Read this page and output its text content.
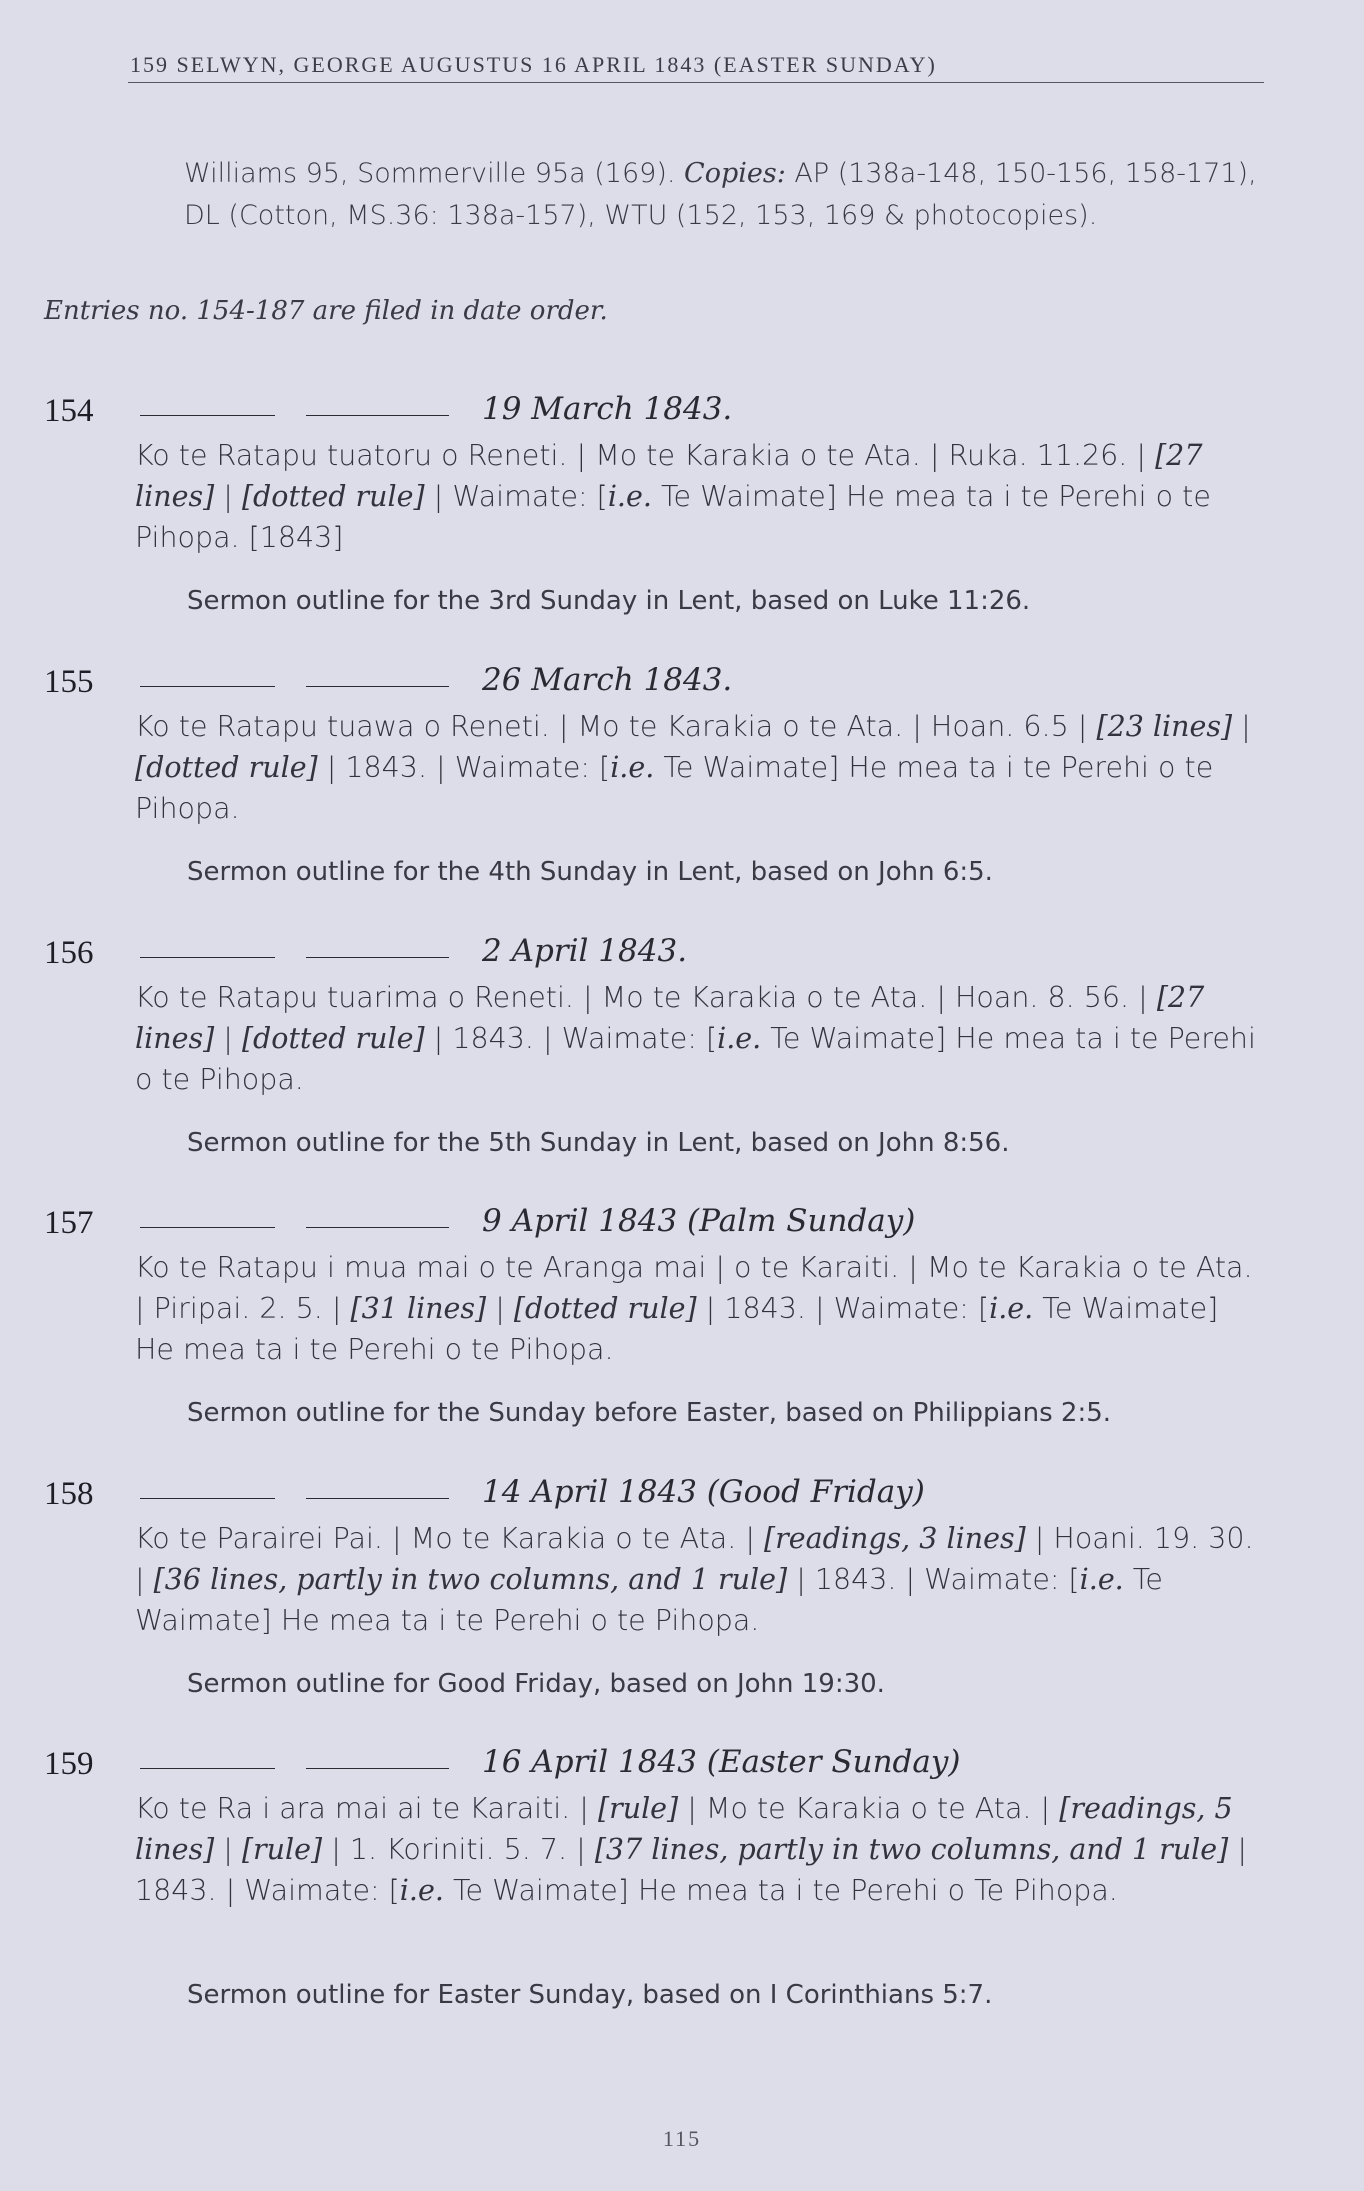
159 SELWYN, GEORGE AUGUSTUS 16 APRIL 1843 (EASTER SUNDAY)
Williams 95, Sommerville 95a (169). Copies: AP (138a-148, 150-156, 158-171), DL (Cotton, MS.36: 138a-157), WTU (152, 153, 169 & photocopies).
Entries no. 154-187 are filed in date order.
154	19 March 1843.
Ko te Ratapu tuatoru o Reneti. | Mo te Karakia o te Ata. | Ruka. 11.26. | [27 lines] | [dotted rule] | Waimate: [i.e. Te Waimate] He mea ta i te Perehi o te Pihopa. [1843]
Sermon outline for the 3rd Sunday in Lent, based on Luke 11:26.
155	26 March 1843.
Ko te Ratapu tuawa o Reneti. | Mo te Karakia o te Ata. | Hoan. 6.5 | [23 lines] | [dotted rule] | 1843. | Waimate: [i.e. Te Waimate] He mea ta i te Perehi o te Pihopa.
Sermon outline for the 4th Sunday in Lent, based on John 6:5.
156	2 April 1843.
Ko te Ratapu tuarima o Reneti. | Mo te Karakia o te Ata. | Hoan. 8. 56. | [27 lines] | [dotted rule] | 1843. | Waimate: [i.e. Te Waimate] He mea ta i te Perehi o te Pihopa.
Sermon outline for the 5th Sunday in Lent, based on John 8:56.
157	9 April 1843 (Palm Sunday)
Ko te Ratapu i mua mai o te Aranga mai | o te Karaiti. | Mo te Karakia o te Ata. | Piripai. 2. 5. | [31 lines] | [dotted rule] | 1843. | Waimate: [i.e. Te Waimate] He mea ta i te Perehi o te Pihopa.
Sermon outline for the Sunday before Easter, based on Philippians 2:5.
158	14 April 1843 (Good Friday)
Ko te Parairei Pai. | Mo te Karakia o te Ata. | [readings, 3 lines] | Hoani. 19. 30. | [36 lines, partly in two columns, and 1 rule] | 1843. | Waimate: [i.e. Te Waimate] He mea ta i te Perehi o te Pihopa.
Sermon outline for Good Friday, based on John 19:30.
159	16 April 1843 (Easter Sunday)
Ko te Ra i ara mai ai te Karaiti. | [rule] | Mo te Karakia o te Ata. | [readings, 5 lines] | [rule] | 1. Koriniti. 5. 7. | [37 lines, partly in two columns, and 1 rule] | 1843. | Waimate: [i.e. Te Waimate] He mea ta i te Perehi o Te Pihopa.
Sermon outline for Easter Sunday, based on I Corinthians 5:7.
115
